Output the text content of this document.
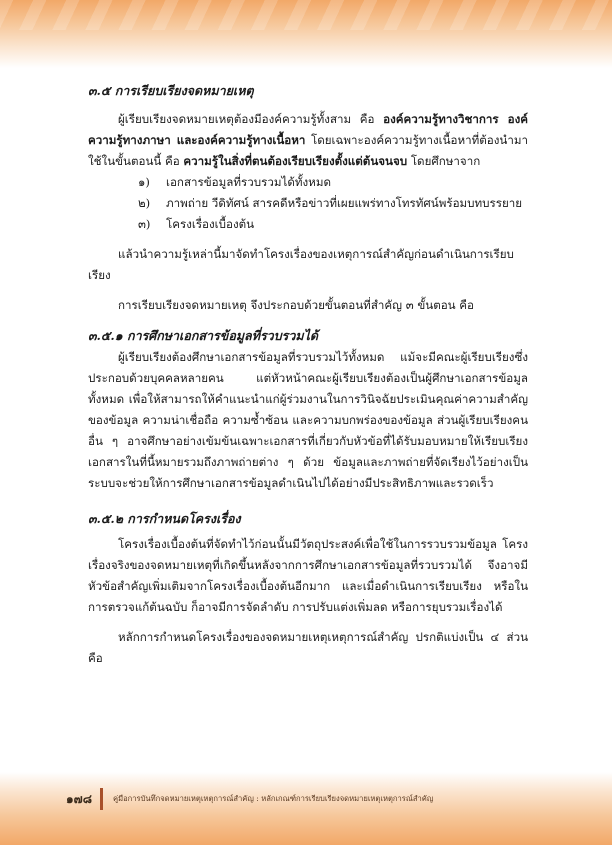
๓.๕ การเรียบเรียงจดหมายเหตุ

ผู้เรียบเรียงจดหมายเหตุต้องมีองค์ความรู้ทั้งสาม คือ องค์ความรู้ทางวิชาการ องค์ความรู้ทางภาษา และองค์ความรู้ทางเนื้อหา โดยเฉพาะองค์ความรู้ทางเนื้อหาที่ต้องนำมาใช้ในขั้นตอนนี้ คือ ความรู้ในสิ่งที่ตนต้องเรียบเรียงตั้งแต่ต้นจนจบ โดยศึกษาจาก

๑)	เอกสารข้อมูลที่รวบรวมได้ทั้งหมด
๒)	ภาพถ่าย วีดิทัศน์ สารคดีหรือข่าวที่เผยแพร่ทางโทรทัศน์พร้อมบทบรรยาย
๓)	โครงเรื่องเบื้องต้น

แล้วนำความรู้เหล่านี้มาจัดทำโครงเรื่องของเหตุการณ์สำคัญก่อนดำเนินการเรียบเรียง

การเรียบเรียงจดหมายเหตุ จึงประกอบด้วยขั้นตอนที่สำคัญ ๓ ขั้นตอน คือ

๓.๕.๑ การศึกษาเอกสารข้อมูลที่รวบรวมได้

ผู้เรียบเรียงต้องศึกษาเอกสารข้อมูลที่รวบรวมไว้ทั้งหมด แม้จะมีคณะผู้เรียบเรียงซึ่งประกอบด้วยบุคคลหลายคน แต่หัวหน้าคณะผู้เรียบเรียงต้องเป็นผู้ศึกษาเอกสารข้อมูลทั้งหมด เพื่อให้สามารถให้คำแนะนำแก่ผู้ร่วมงานในการวินิจฉัยประเมินคุณค่าความสำคัญของข้อมูล ความน่าเชื่อถือ ความซ้ำซ้อน และความบกพร่องของข้อมูล ส่วนผู้เรียบเรียงคนอื่น ๆ อาจศึกษาอย่างเข้มข้นเฉพาะเอกสารที่เกี่ยวกับหัวข้อที่ได้รับมอบหมายให้เรียบเรียงเอกสารในที่นี้หมายรวมถึงภาพถ่ายต่าง ๆ ด้วย ข้อมูลและภาพถ่ายที่จัดเรียงไว้อย่างเป็นระบบจะช่วยให้การศึกษาเอกสารข้อมูลดำเนินไปได้อย่างมีประสิทธิภาพและรวดเร็ว

๓.๕.๒ การกำหนดโครงเรื่อง

โครงเรื่องเบื้องต้นที่จัดทำไว้ก่อนนั้นมีวัตถุประสงค์เพื่อใช้ในการรวบรวมข้อมูล โครงเรื่องจริงของจดหมายเหตุที่เกิดขึ้นหลังจากการศึกษาเอกสารข้อมูลที่รวบรวมได้ จึงอาจมีหัวข้อสำคัญเพิ่มเติมจากโครงเรื่องเบื้องต้นอีกมาก และเมื่อดำเนินการเรียบเรียง หรือในการตรวจแก้ต้นฉบับ ก็อาจมีการจัดลำดับ การปรับแต่งเพิ่มลด หรือการยุบรวมเรื่องได้

หลักการกำหนดโครงเรื่องของจดหมายเหตุเหตุการณ์สำคัญ ปรกติแบ่งเป็น ๔ ส่วน คือ

๑๗๘	คู่มือการบันทึกจดหมายเหตุเหตุการณ์สำคัญ : หลักเกณฑ์การเรียบเรียงจดหมายเหตุเหตุการณ์สำคัญ
